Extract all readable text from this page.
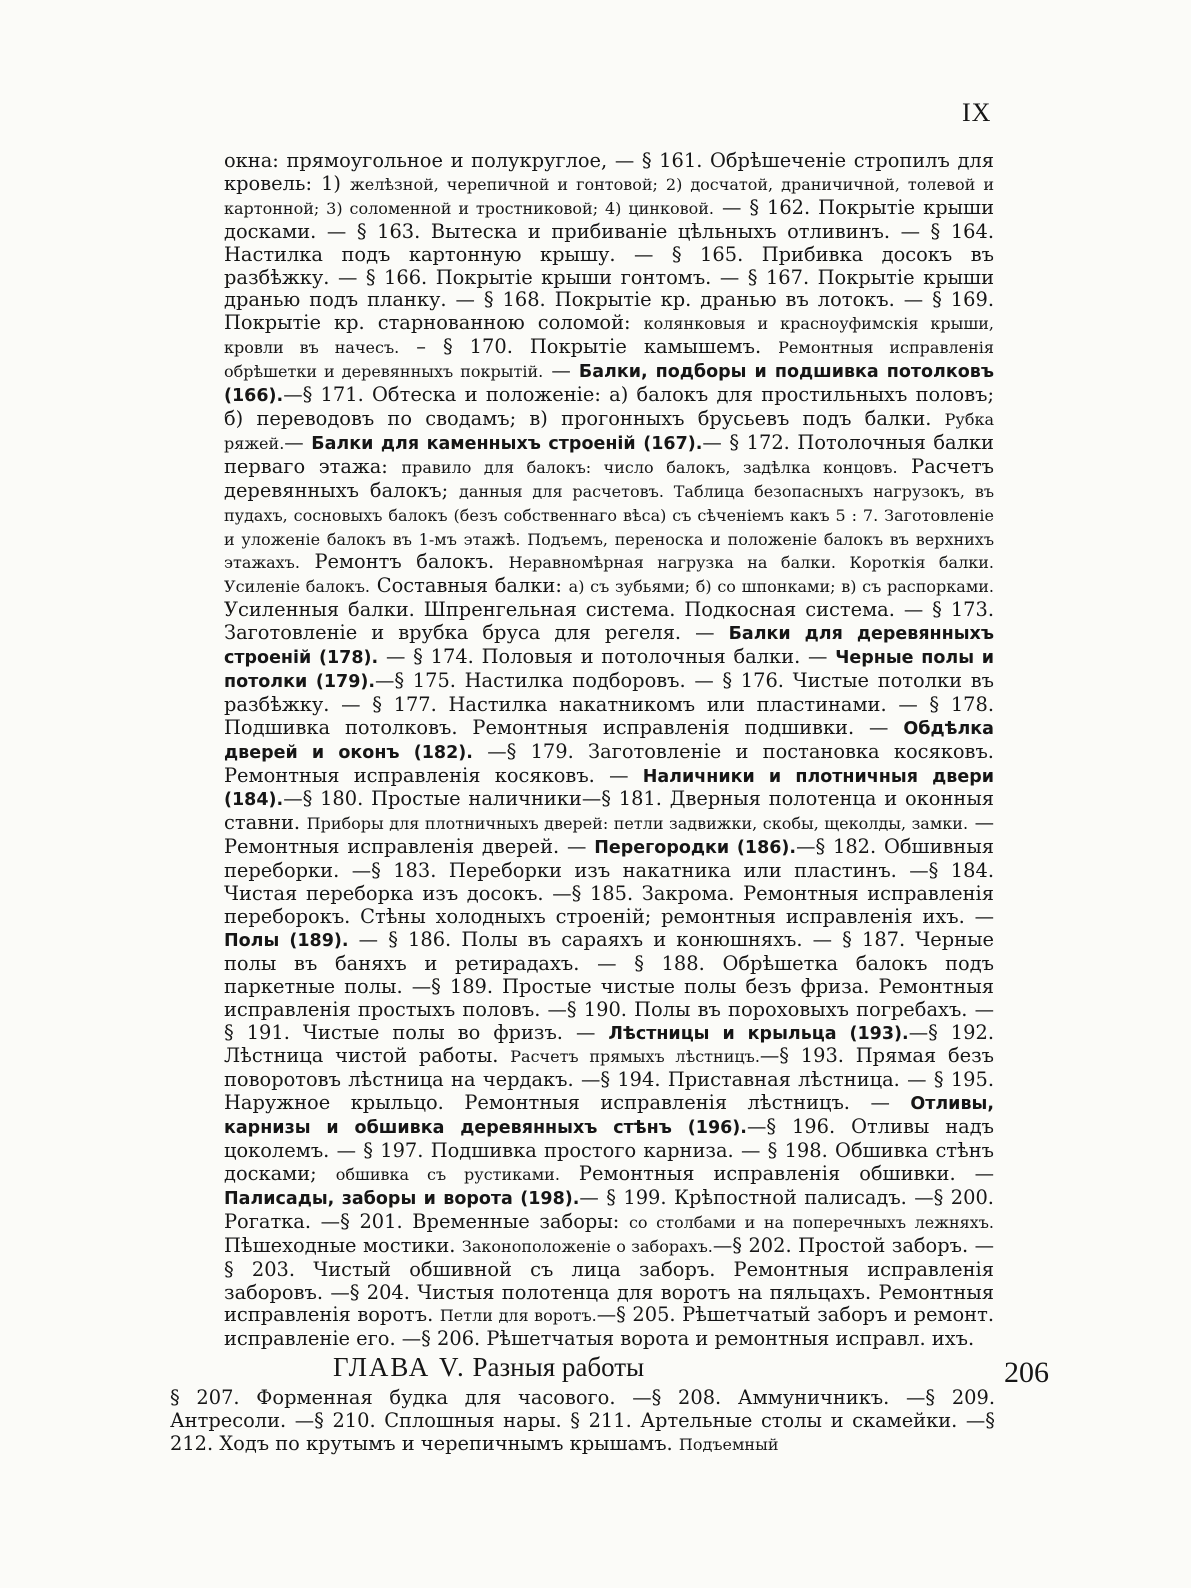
IX

окна: прямоугольное и полукруглое, — § 161. Обрѣшеченіе стропилъ для кровель: 1) желѣзной, черепичной и гонтовой; 2) досчатой, драничичной, толевой и картонной; 3) соломенной и тростниковой; 4) цинковой. — § 162. Покрытіе крыши досками. — § 163. Вытеска и прибиваніе цѣльныхъ отливинъ. — § 164. Настилка подъ картонную крышу. — § 165. Прибивка досокъ въ разбѣжку. — § 166. Покрытіе крыши гонтомъ. — § 167. Покрытіе крыши дранью подъ планку. — § 168. Покрытіе кр. дранью въ лотокъ. — § 169. Покрытіе кр. старнованною соломой: колянковыя и красноуфимскія крыши, кровли въ начесъ. – § 170. Покрытіе камышемъ. Ремонтныя исправленія обрѣшетки и деревянныхъ покрытій. — Балки, подборы и подшивка потолковъ (166).—§ 171. Обтеска и положеніе: а) балокъ для простильныхъ половъ; б) переводовъ по сводамъ; в) прогонныхъ брусьевъ подъ балки. Рубка ряжей.— Балки для каменныхъ строеній (167).— § 172. Потолочныя балки перваго этажа: правило для балокъ: число балокъ, задѣлка концовъ. Расчетъ деревянныхъ балокъ; данныя для расчетовъ. Таблица безопасныхъ нагрузокъ, въ пудахъ, сосновыхъ балокъ (безъ собственнаго вѣса) съ сѣченіемъ какъ 5 : 7. Заготовленіе и уложеніе балокъ въ 1-мъ этажѣ. Подъемъ, переноска и положеніе балокъ въ верхнихъ этажахъ. Ремонтъ балокъ. Неравномѣрная нагрузка на балки. Короткія балки. Усиленіе балокъ. Составныя балки: а) съ зубьями; б) со шпонками; в) съ распорками. Усиленныя балки. Шпренгельная система. Подкосная система. — § 173. Заготовленіе и врубка бруса для регеля. — Балки для деревянныхъ строеній (178). — § 174. Половыя и потолочныя балки. — Черные полы и потолки (179).—§ 175. Настилка подборовъ. — § 176. Чистые потолки въ разбѣжку. — § 177. Настилка накатникомъ или пластинами. — § 178. Подшивка потолковъ. Ремонтныя исправленія подшивки. — Обдѣлка дверей и оконъ (182). —§ 179. Заготовленіе и постановка косяковъ. Ремонтныя исправленія косяковъ. — Наличники и плотничныя двери (184).—§ 180. Простые наличники—§ 181. Дверныя полотенца и оконныя ставни. Приборы для плотничныхъ дверей: петли задвижки, скобы, щеколды, замки. — Ремонтныя исправленія дверей. — Перегородки (186).—§ 182. Обшивныя переборки. —§ 183. Переборки изъ накатника или пластинъ. —§ 184. Чистая переборка изъ досокъ. —§ 185. Закрома. Ремонтныя исправленія переборокъ. Стѣны холодныхъ строеній; ремонтныя исправленія ихъ. — Полы (189). — § 186. Полы въ сараяхъ и конюшняхъ. — § 187. Черные полы въ баняхъ и ретирадахъ. — § 188. Обрѣшетка балокъ подъ паркетные полы. —§ 189. Простые чистые полы безъ фриза. Ремонтныя исправленія простыхъ половъ. —§ 190. Полы въ пороховыхъ погребахъ. —§ 191. Чистые полы во фризъ. — Лѣстницы и крыльца (193).—§ 192. Лѣстница чистой работы. Расчетъ прямыхъ лѣстницъ.—§ 193. Прямая безъ поворотовъ лѣстница на чердакъ. —§ 194. Приставная лѣстница. — § 195. Наружное крыльцо. Ремонтныя исправленія лѣстницъ. — Отливы, карнизы и обшивка деревянныхъ стѣнъ (196).—§ 196. Отливы надъ цоколемъ. — § 197. Подшивка простого карниза. — § 198. Обшивка стѣнъ досками; обшивка съ рустиками. Ремонтныя исправленія обшивки. — Палисады, заборы и ворота (198).— § 199. Крѣпостной палисадъ. —§ 200. Рогатка. —§ 201. Временные заборы: со столбами и на поперечныхъ лежняхъ. Пѣшеходные мостики. Законоположеніе о заборахъ.—§ 202. Простой заборъ. —§ 203. Чистый обшивной съ лица заборъ. Ремонтныя исправленія заборовъ. —§ 204. Чистыя полотенца для воротъ на пяльцахъ. Ремонтныя исправленія воротъ. Петли для воротъ.—§ 205. Рѣшетчатый заборъ и ремонт. исправленіе его. —§ 206. Рѣшетчатыя ворота и ремонтныя исправл. ихъ.

ГЛАВА V. Разныя работы	206

§ 207. Форменная будка для часового. —§ 208. Аммуничникъ. —§ 209. Антресоли. —§ 210. Сплошныя нары. § 211. Артельные столы и скамейки. —§ 212. Ходъ по крутымъ и черепичнымъ крышамъ. Подъемный
